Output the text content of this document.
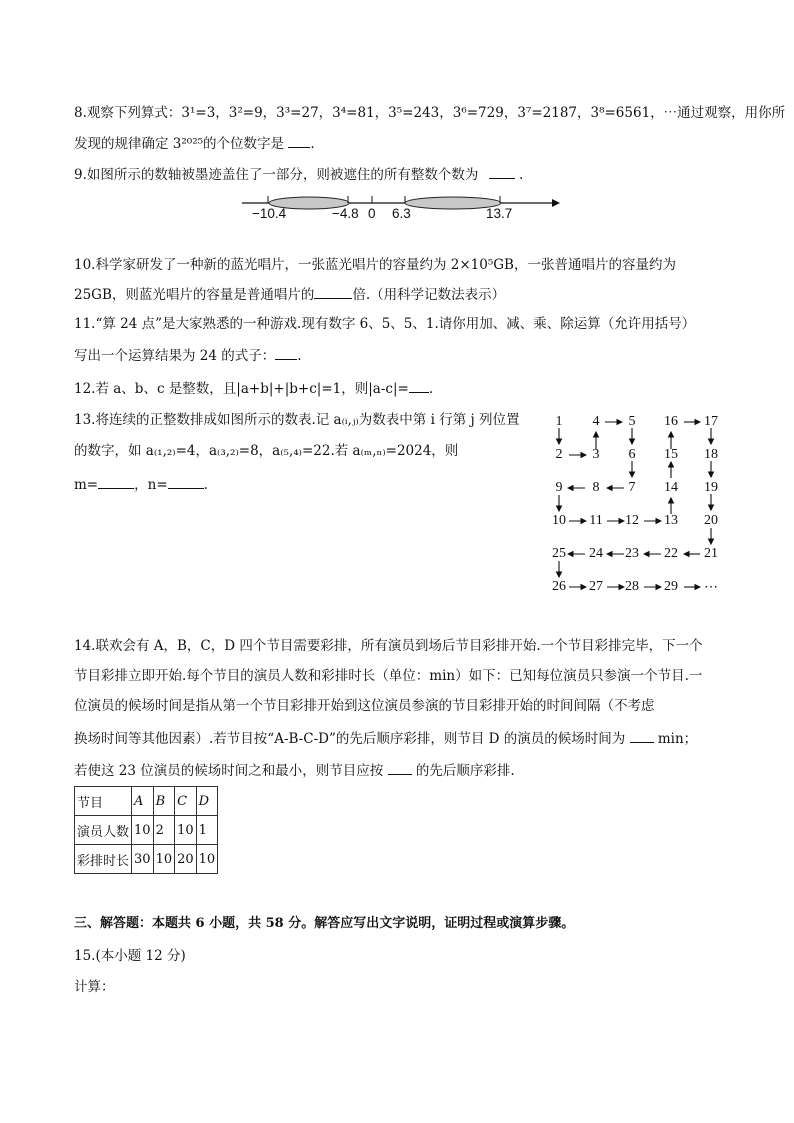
8.观察下列算式：3¹=3，3²=9，3³=27，3⁴=81，3⁵=243，3⁶=729，3⁷=2187，3⁸=6561，⋯通过观察，用你所
发现的规律确定 3²⁰²⁵的个位数字是 .
9.如图所示的数轴被墨迹盖住了一部分，则被遮住的所有整数个数为	.
−10.4	−4.8 0 6.3	13.7
10.科学家研发了一种新的蓝光唱片，一张蓝光唱片的容量约为 2×10⁵GB，一张普通唱片的容量约为
25GB，则蓝光唱片的容量是普通唱片的	倍.（用科学记数法表示）
11.“算 24 点”是大家熟悉的一种游戏.现有数字 6、5、5、1.请你用加、减、乘、除运算（允许用括号）
写出一个运算结果为 24 的式子： .
12.若 a、b、c 是整数，且|a+b|+|b+c|=1，则|a-c|= .
13.将连续的正整数排成如图所示的数表.记 a₍ᵢ,ⱼ₎为数表中第 i 行第 j 列位置
的数字，如 a₍₁,₂₎=4，a₍₃,₂₎=8，a₍₅,₄₎=22.若 a₍ₘ,ₙ₎=2024，则
m=	，n=	.
1	4	5	16	17
2	3	6	15	18
9	8	7	14	19
10	11	12	13	20
25	24	23	22	21
26	27	28	29	⋯
14.联欢会有 A，B，C，D 四个节目需要彩排，所有演员到场后节目彩排开始.一个节目彩排完毕，下一个
节目彩排立即开始.每个节目的演员人数和彩排时长（单位：min）如下：已知每位演员只参演一个节目.一
位演员的候场时间是指从第一个节目彩排开始到这位演员参演的节目彩排开始的时间间隔（不考虑
换场时间等其他因素）.若节目按“A-B-C-D”的先后顺序彩排，则节目 D 的演员的候场时间为 min；
若使这 23 位演员的候场时间之和最小，则节目应按 的先后顺序彩排.
节目	A	B	C	D
演员人数	10	2	10	1
彩排时长	30	10	20	10
三、解答题：本题共 6 小题，共 58 分。解答应写出文字说明，证明过程或演算步骤。
15.(本小题 12 分)
计算：
